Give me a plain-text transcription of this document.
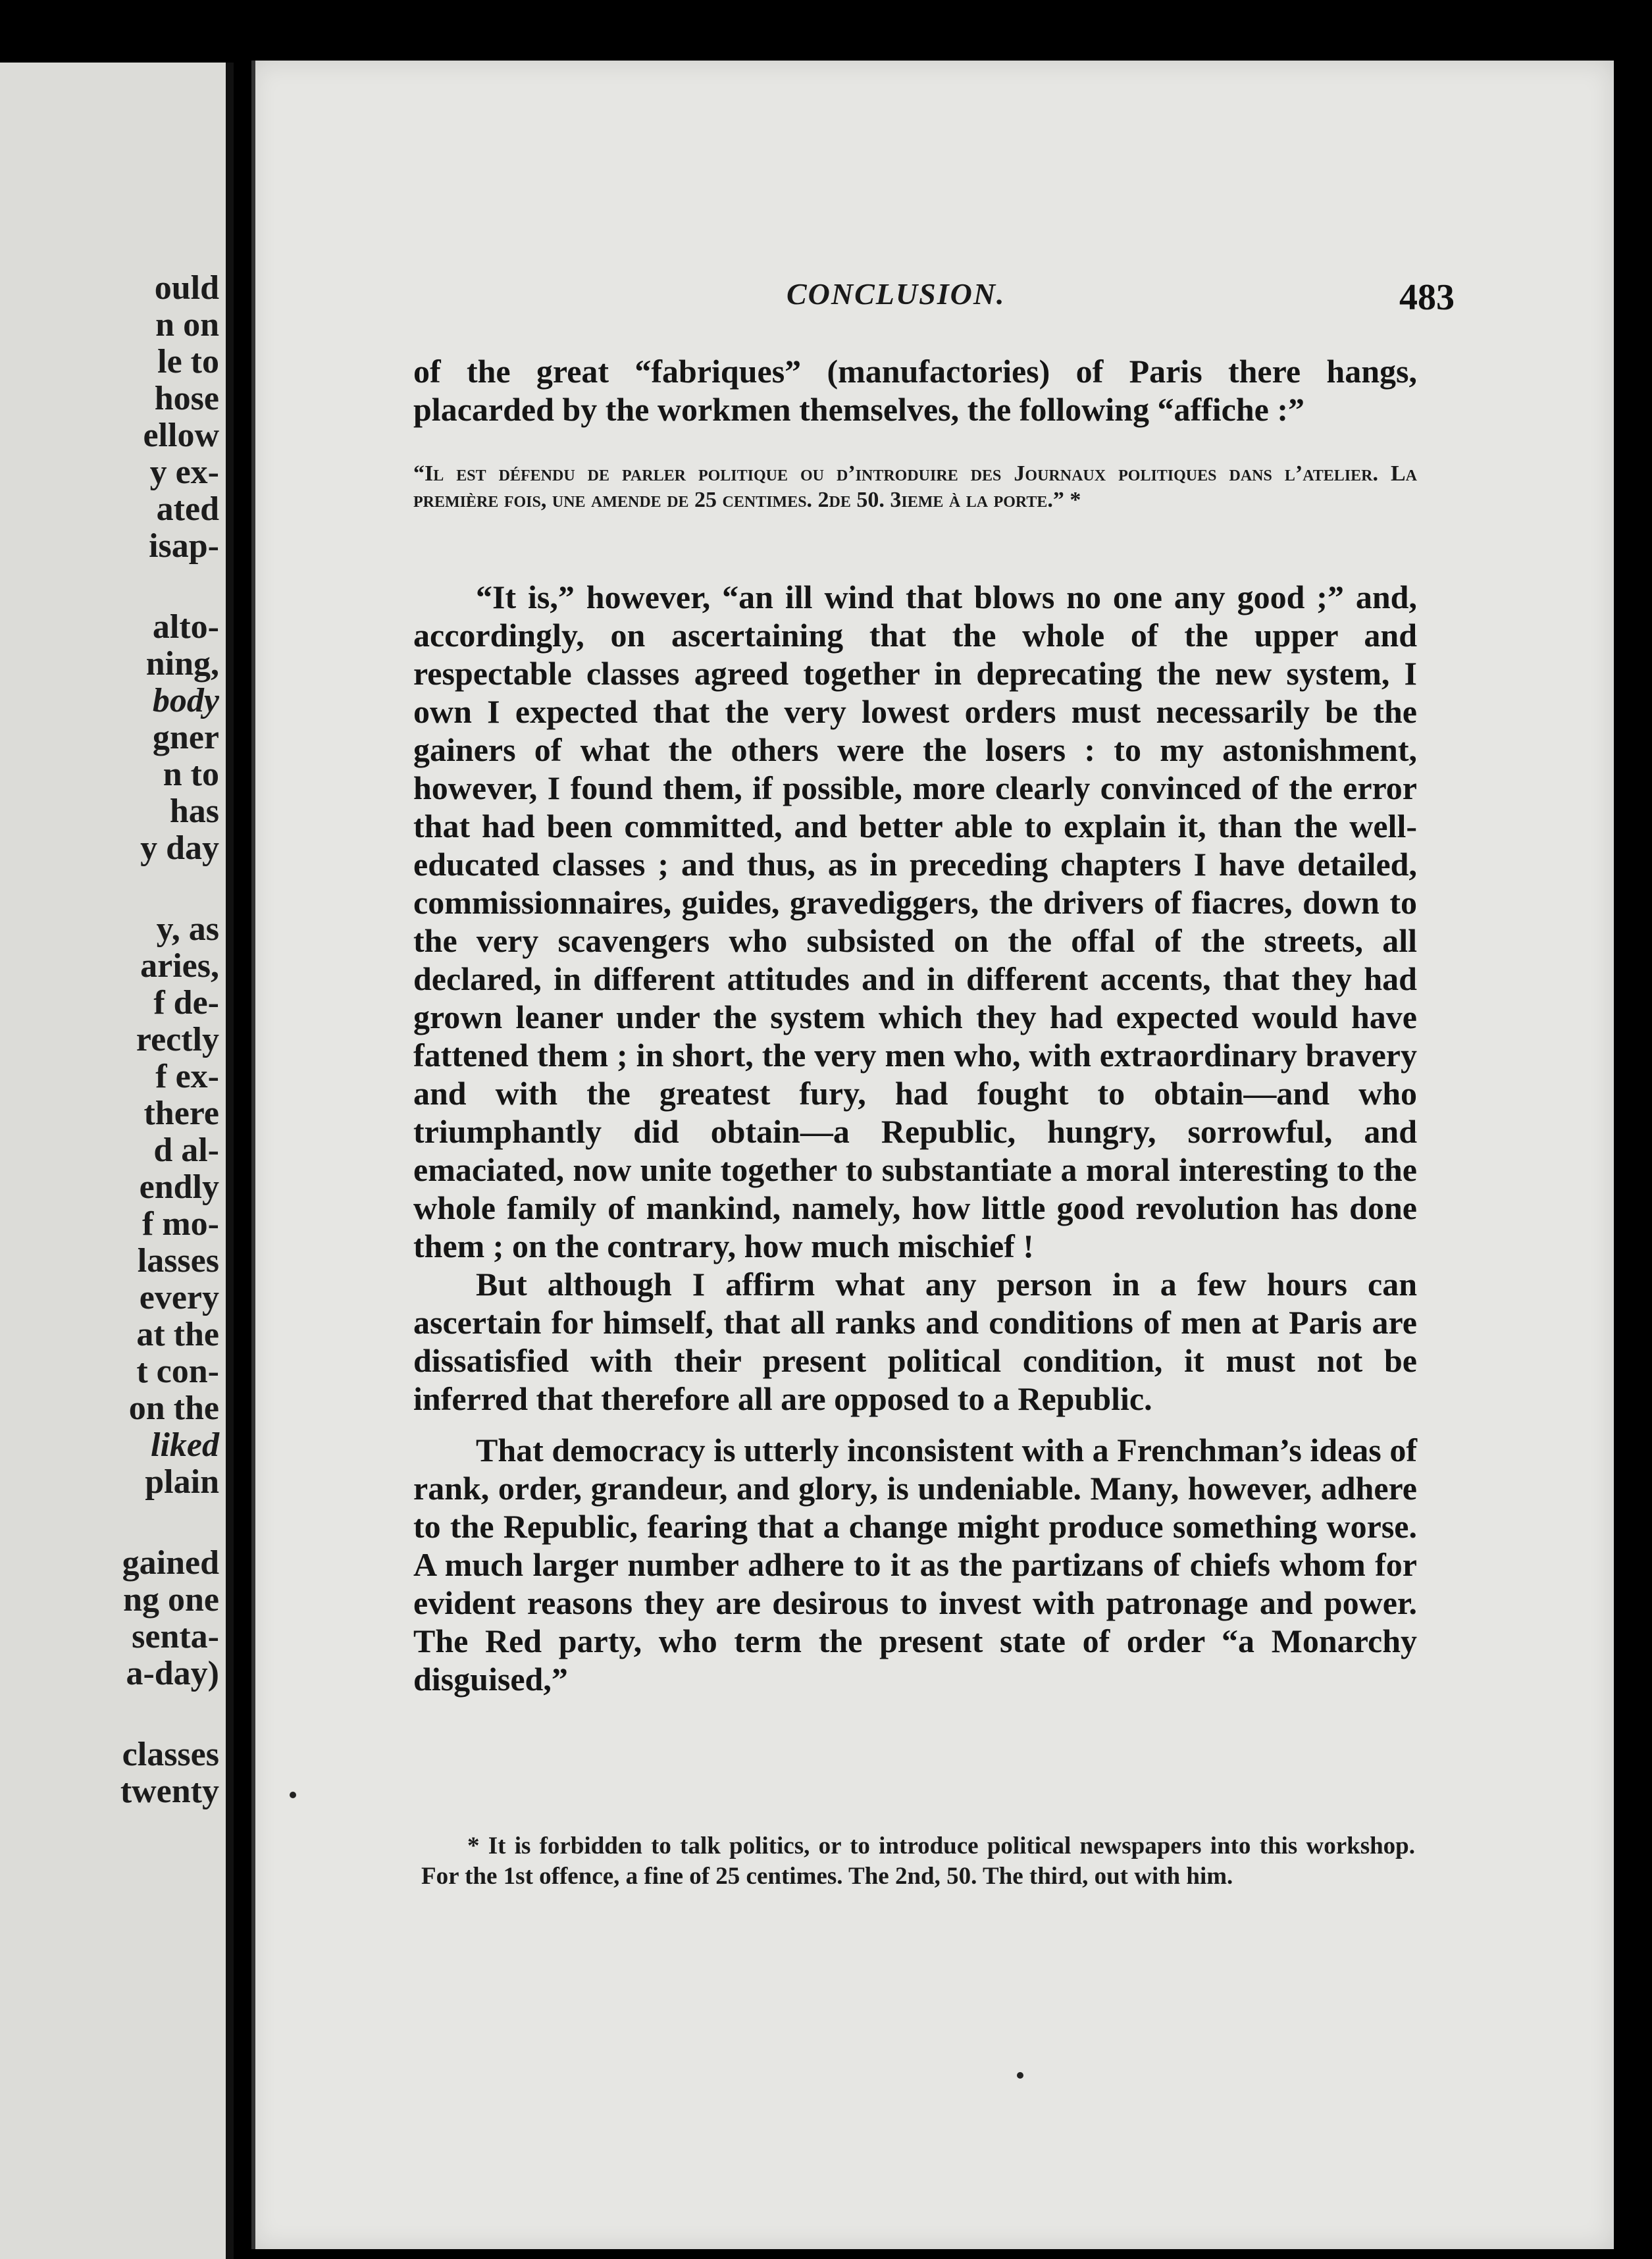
ould
n on
le to
hose
ellow
y ex-
ated
isap-
alto-
ning,
body
gner
n to
has
y day
y, as
aries,
f de-
rectly
f ex-
there
d al-
endly
f mo-
lasses
every
at the
t con-
on the
liked
plain
gained
ng one
senta-
a-day)
classes
twenty
CONCLUSION.	483

of the great “fabriques” (manufactories) of Paris there hangs, placarded by the workmen themselves, the following “affiche :”

“Il est défendu de parler politique ou d’introduire des Journaux politiques dans l’atelier. La première fois, une amende de 25 centimes. 2de 50. 3ieme à la porte.” *

“It is,” however, “an ill wind that blows no one any good ;” and, accordingly, on ascertaining that the whole of the upper and respectable classes agreed together in deprecating the new system, I own I expected that the very lowest orders must necessarily be the gainers of what the others were the losers : to my astonishment, however, I found them, if possible, more clearly convinced of the error that had been committed, and better able to explain it, than the well-educated classes ; and thus, as in preceding chapters I have detailed, commissionnaires, guides, gravediggers, the drivers of fiacres, down to the very scavengers who subsisted on the offal of the streets, all declared, in different attitudes and in different accents, that they had grown leaner under the system which they had expected would have fattened them ; in short, the very men who, with extraordinary bravery and with the greatest fury, had fought to obtain—and who triumphantly did obtain—a Republic, hungry, sorrowful, and emaciated, now unite together to substantiate a moral interesting to the whole family of mankind, namely, how little good revolution has done them ; on the contrary, how much mischief !

But although I affirm what any person in a few hours can ascertain for himself, that all ranks and conditions of men at Paris are dissatisfied with their present political condition, it must not be inferred that therefore all are opposed to a Republic.

That democracy is utterly inconsistent with a Frenchman’s ideas of rank, order, grandeur, and glory, is undeniable. Many, however, adhere to the Republic, fearing that a change might produce something worse. A much larger number adhere to it as the partizans of chiefs whom for evident reasons they are desirous to invest with patronage and power. The Red party, who term the present state of order “a Monarchy disguised,”

* It is forbidden to talk politics, or to introduce political newspapers into this workshop. For the 1st offence, a fine of 25 centimes. The 2nd, 50. The third, out with him.
